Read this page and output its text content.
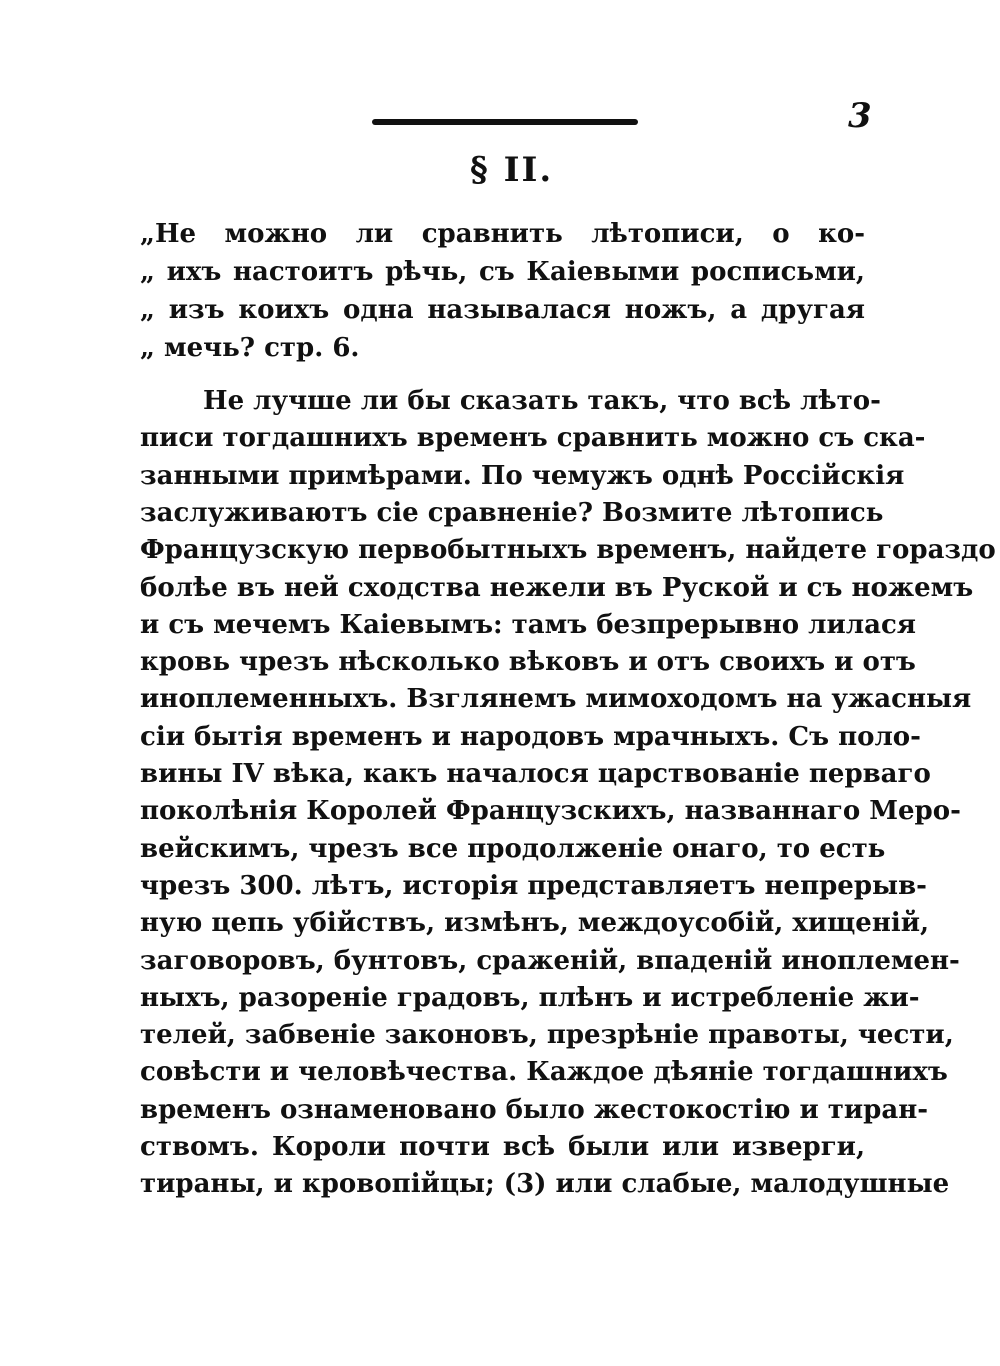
3
§ II.
„Не можно ли сравнить лѣтописи, о ко-
„ ихъ настоитъ рѣчь, съ Каіевыми росписьми,
„ изъ коихъ одна называлася ножъ, а другая
„ мечь? стр. 6.
Не лучше ли бы сказать такъ, что всѣ лѣто-
писи тогдашнихъ временъ сравнить можно съ ска-
занными примѣрами. По чемужъ однѣ Россійскія
заслуживаютъ сіе сравненіе? Возмите лѣтопись
Французскую первобытныхъ временъ, найдете гораздо
болѣе въ ней сходства нежели въ Руской и съ ножемъ
и съ мечемъ Каіевымъ: тамъ безпрерывно лилася
кровь чрезъ нѣсколько вѣковъ и отъ своихъ и отъ
иноплеменныхъ. Взглянемъ мимоходомъ на ужасныя
сіи бытія временъ и народовъ мрачныхъ. Съ поло-
вины IV вѣка, какъ началося царствованіе перваго
поколѣнія Королей Французскихъ, названнаго Меро-
вейскимъ, чрезъ все продолженіе онаго, то есть
чрезъ 300. лѣтъ, исторія представляетъ непрерыв-
ную цепь убійствъ, измѣнъ, междоусобій, хищеній,
заговоровъ, бунтовъ, сраженій, впаденій иноплемен-
ныхъ, разореніе градовъ, плѣнъ и истребленіе жи-
телей, забвеніе законовъ, презрѣніе правоты, чести,
совѣсти и человѣчества. Каждое дѣяніе тогдашнихъ
временъ ознаменовано было жестокостію и тиран-
ствомъ. Короли почти всѣ были или изверги,
тираны, и кровопійцы; (3) или слабые, малодушные
